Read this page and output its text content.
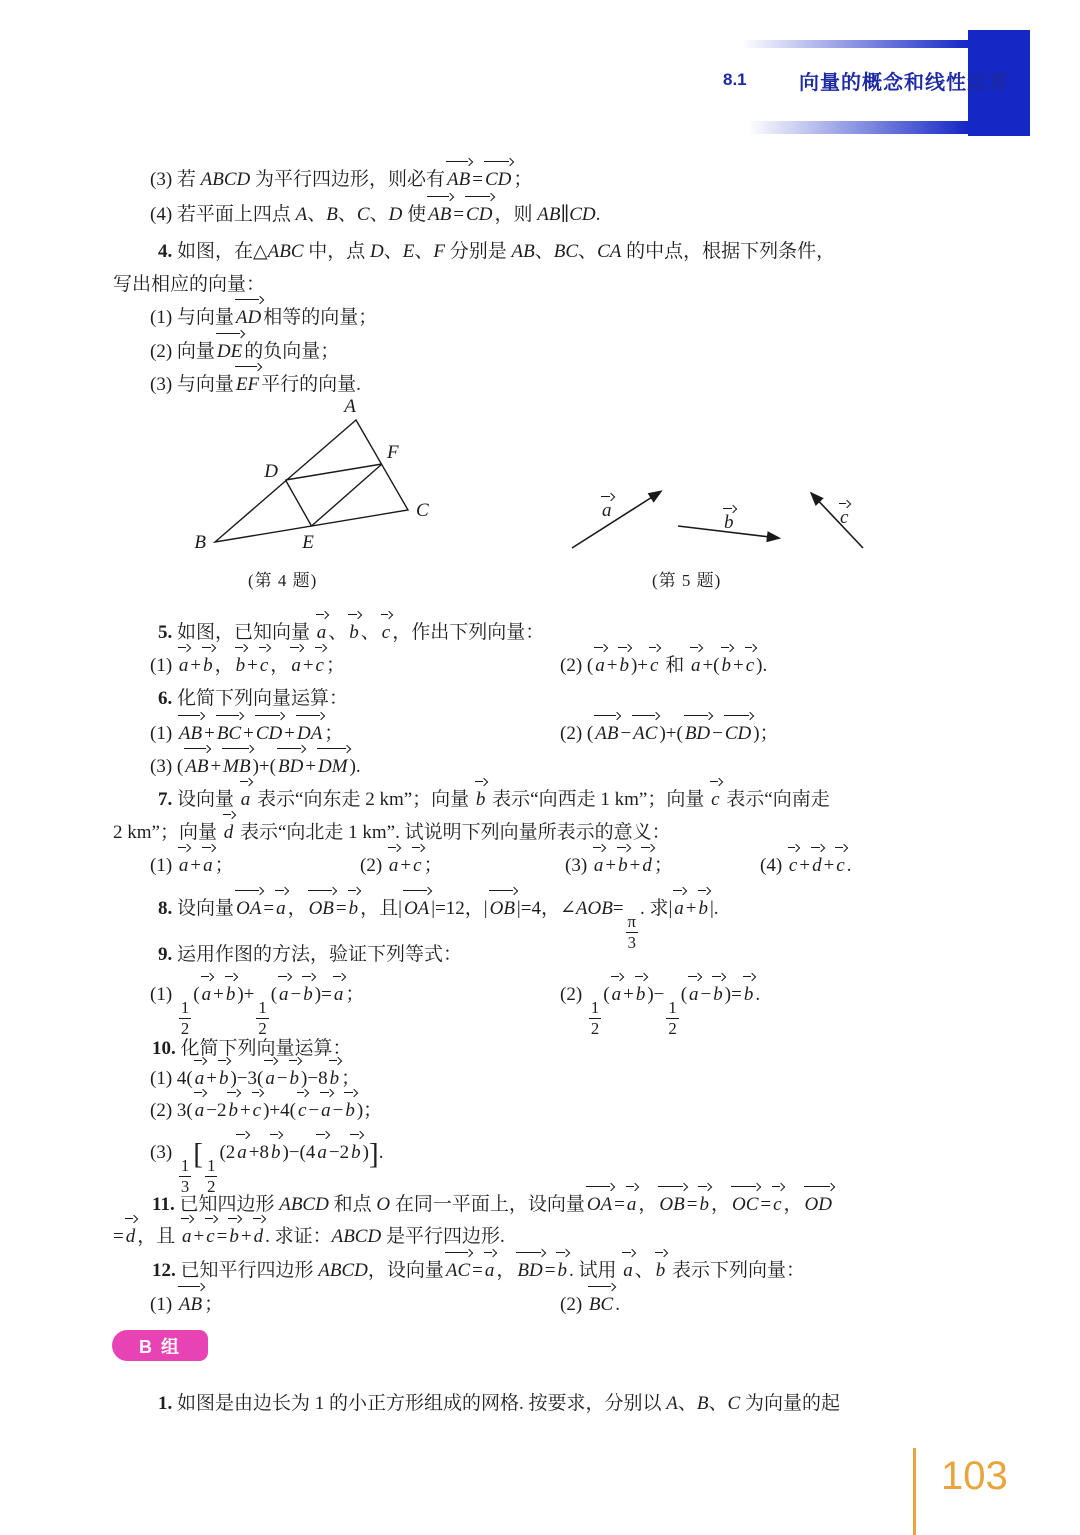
8.1	向量的概念和线性运算
(3) 若 ABCD 为平行四边形，则必有 AB = CD ；
(4) 若平面上四点 A、B、C、D 使 AB = CD ，则 AB∥CD.
4. 如图，在△ABC 中，点 D、E、F 分别是 AB、BC、CA 的中点，根据下列条件，
写出相应的向量：
(1) 与向量 AD 相等的向量；
(2) 向量 DE 的负向量；
(3) 与向量 EF 平行的向量.
5. 如图，已知向量 a 、 b 、 c ，作出下列向量：
(1) a + b ， b + c ， a + c ；	(2) ( a + b )+ c 和 a +( b + c ).
6. 化简下列向量运算：
(1) AB + BC + CD + DA ；	(2) ( AB − AC )+( BD − CD )；
(3) ( AB + MB )+( BD + DM ).
7. 设向量 a 表示“向东走 2 km”；向量 b 表示“向西走 1 km”；向量 c 表示“向南走
2 km”；向量 d 表示“向北走 1 km”. 试说明下列向量所表示的意义：
(1) a + a ；	(2) a + c ；	(3) a + b + d ；	(4) c + d + c .
8. 设向量 OA = a ， OB = b ，且| OA |=12，| OB |=4，∠AOB=
$\frac{\pi}{3}$
. 求| a + b |.
9. 运用作图的方法，验证下列等式：
(1)
$\frac{1}{2}$
( a + b )+
$\frac{1}{2}$
( a − b )= a ；	(2)
$\frac{1}{2}$
( a + b )−
$\frac{1}{2}$
( a − b )= b .
10. 化简下列向量运算：
(1) 4( a + b )−3( a − b )−8 b ；
(2) 3( a −2 b + c )+4( c − a − b )；
(3)
$\frac{1}{3}$
[
$\frac{1}{2}$
(2 a +8 b )−(4 a −2 b )].
11. 已知四边形 ABCD 和点 O 在同一平面上，设向量 OA = a ， OB = b ， OC = c ， OD
= d ，且 a + c = b + d . 求证：ABCD 是平行四边形.
12. 已知平行四边形 ABCD，设向量 AC = a ， BD = b . 试用 a 、 b 表示下列向量：
(1) AB ；	(2) BC .
1. 如图是由边长为 1 的小正方形组成的网格. 按要求，分别以 A、B、C 为向量的起
A
B
C
D
E
F
(第 4 题)
a
b	c
(第 5 题)
B 组
103
